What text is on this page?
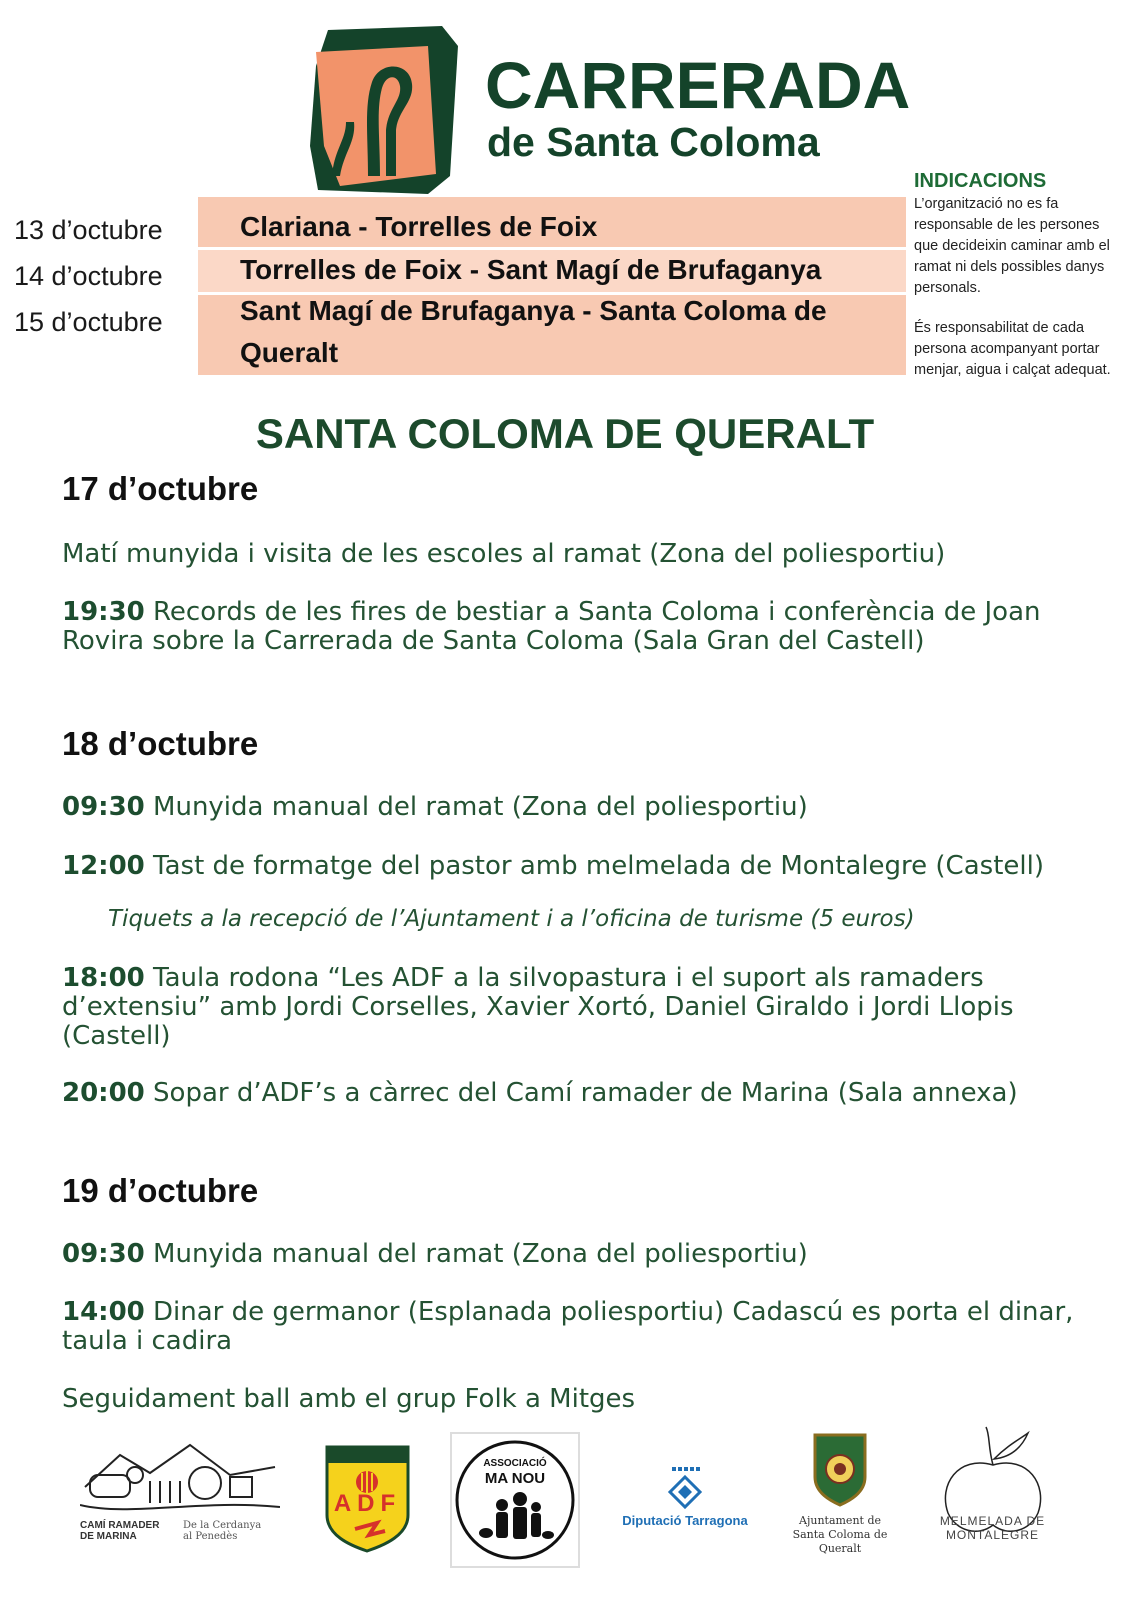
CARRERADA
de Santa Coloma
13 d’octubre
14 d’octubre
15 d’octubre
Clariana - Torrelles de Foix
Torrelles de Foix - Sant Magí de Brufaganya
Sant Magí de Brufaganya - Santa Coloma de
Queralt
INDICACIONS
L’organització no es fa responsable de les persones que decideixin caminar amb el ramat ni dels possibles danys personals.
És responsabilitat de cada persona acompanyant portar menjar, aigua i calçat adequat.
SANTA COLOMA DE QUERALT
17 d’octubre
Matí munyida i visita de les escoles al ramat (Zona del poliesportiu)
19:30 Records de les fires de bestiar a Santa Coloma i conferència de Joan Rovira sobre la Carrerada de Santa Coloma (Sala Gran del Castell)
18 d’octubre
09:30 Munyida manual del ramat (Zona del poliesportiu)
12:00 Tast de formatge del pastor amb melmelada de Montalegre (Castell)
Tiquets a la recepció de l’Ajuntament i a l’oficina de turisme (5 euros)
18:00 Taula rodona “Les ADF a la silvopastura i el suport als ramaders d’extensiu” amb Jordi Corselles, Xavier Xortó, Daniel Giraldo i Jordi Llopis (Castell)
20:00 Sopar d’ADF’s a càrrec del Camí ramader de Marina (Sala annexa)
19 d’octubre
09:30 Munyida manual del ramat (Zona del poliesportiu)
14:00 Dinar de germanor (Esplanada poliesportiu) Cadascú es porta el dinar, taula i cadira
Seguidament ball amb el grup Folk a Mitges
CAMÍ RAMADER
DE MARINA
De la Cerdanya
al Penedès
ADF
ASSOCIACIÓ
MA NOU
Diputació Tarragona	Ajuntament de
Santa Coloma de Queralt
MELMELADA DE
MONTALEGRE
